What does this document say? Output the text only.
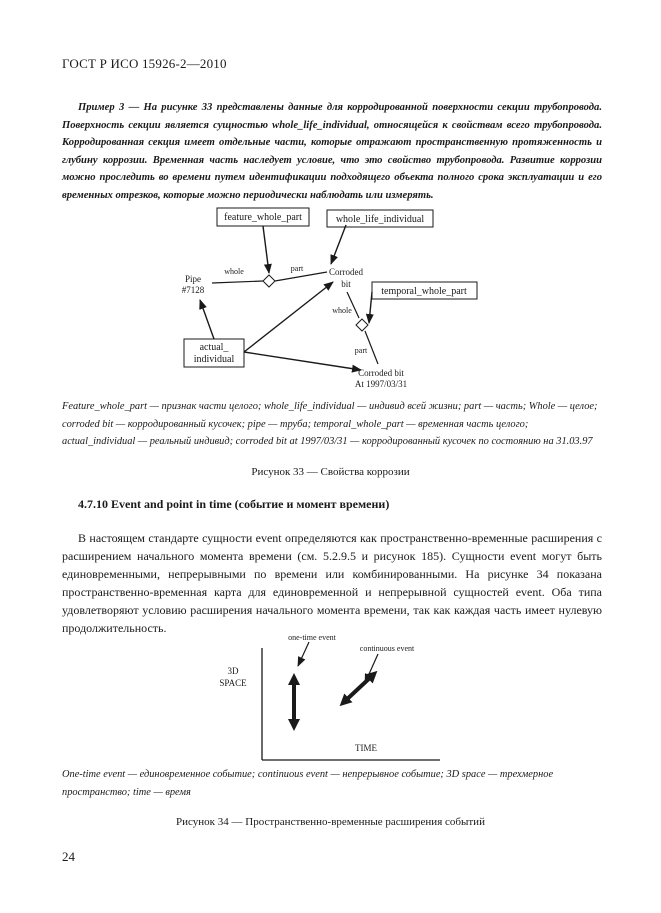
ГОСТ Р ИСО 15926-2—2010
Пример 3 — На рисунке 33 представлены данные для корродированной поверхности секции трубопровода. Поверхность секции является сущностью whole_life_individual, относящейся к свойствам всего трубопровода. Корродированная секция имеет отдельные части, которые отражают пространственную протяженность и глубину коррозии. Временная часть наследует условие, что это свойство трубопровода. Развитие коррозии можно проследить во времени путем идентификации подходящего объекта полного срока эксплуатации и его временных отрезков, которые можно периодически наблюдать или измерять.
feature_whole_part	whole_life_individual
temporal_whole_part
actual_
individual
Pipe
#7128
whole	part	Corroded
bit
whole
part
Corroded bit
At 1997/03/31
Feature_whole_part — признак части целого; whole_life_individual — индивид всей жизни; part — часть; Whole — целое; corroded bit — корродированный кусочек; pipe — труба; temporal_whole_part — временная часть целого; actual_individual — реальный индивид; corroded bit at 1997/03/31 — корродированный кусочек по состоянию на 31.03.97
Рисунок 33 — Свойства коррозии
4.7.10 Event and point in time (событие и момент времени)
В настоящем стандарте сущности event определяются как пространственно-временные расширения с расширением начального момента времени (см. 5.2.9.5 и рисунок 185). Сущности event могут быть единовременными, непрерывными по времени или комбинированными. На рисунке 34 показана пространственно-временная карта для единовременной и непрерывной сущностей event. Оба типа удовлетворяют условию расширения начального момента времени, так как каждая часть имеет нулевую продолжительность.
3D
SPACE
TIME
one-time event
continuous event
One-time event — единовременное событие; continuous event — непрерывное событие; 3D space — трехмерное пространство; time — время
Рисунок 34 — Пространственно-временные расширения событий
24
